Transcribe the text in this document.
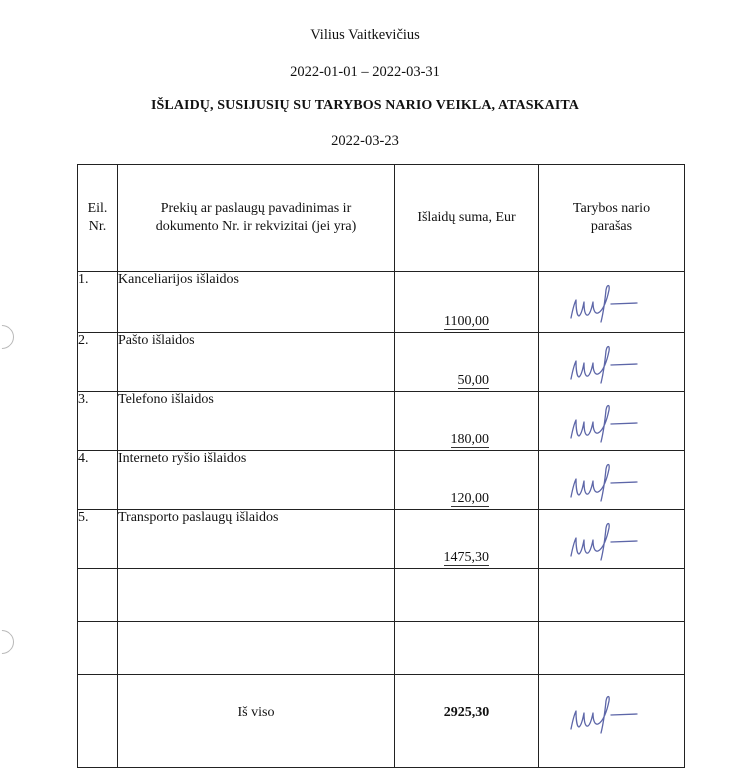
Vilius Vaitkevičius
2022-01-01 – 2022-03-31
IŠLAIDŲ, SUSIJUSIŲ SU TARYBOS NARIO VEIKLA, ATASKAITA
2022-03-23
Eil. Nr.	Prekių ar paslaugų pavadinimas ir dokumento Nr. ir rekvizitai (jei yra)	Išlaidų suma, Eur	Tarybos nario parašas
1.	Kanceliarijos išlaidos	1100,00

2.	Pašto išlaidos	50,00

3.	Telefono išlaidos	180,00

4.	Interneto ryšio išlaidos	120,00

5.	Transporto paslaugų išlaidos	1475,30

	Iš viso	2925,30	
